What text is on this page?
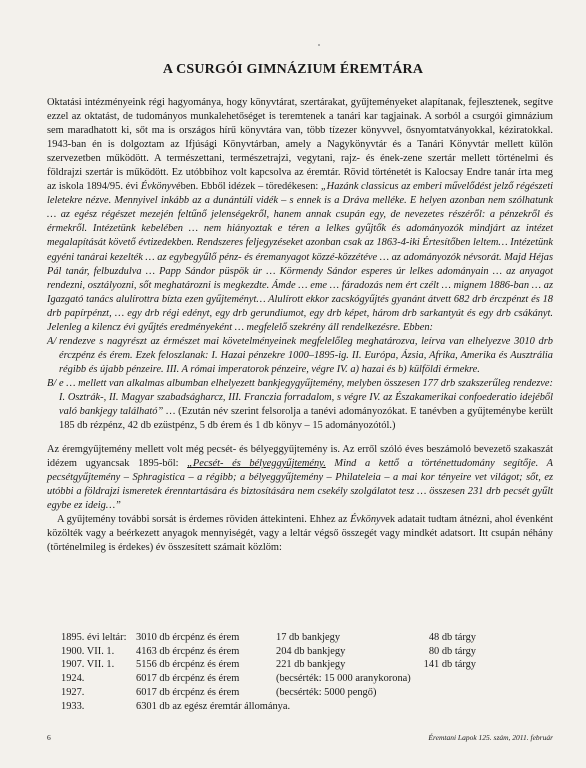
A CSURGÓI GIMNÁZIUM ÉREMTÁRA

Oktatási intézményeink régi hagyománya, hogy könyvtárat, szertárakat, gyűjteményeket alapítanak, fejlesztenek, segítve ezzel az oktatást, de tudományos munkalehetőséget is teremtenek a tanári kar tagjainak. A sorból a csurgói gimnázium sem maradhatott ki, sőt ma is országos hírű könyvtára van, több tízezer könyvvel, ősnyomtatványokkal, kéziratokkal. 1943-ban én is dolgoztam az Ifjúsági Könyvtárban, amely a Nagykönyvtár és a Tanári Könyvtár mellett külön szervezetben működött. A természettani, természetrajzi, vegytani, rajz- és ének-zene szertár mellett történelmi és földrajzi szertár is működött. Ez utóbbihoz volt kapcsolva az éremtár. Rövid történetét is Kalocsay Endre tanár írta meg az iskola 1894/95. évi Évkönyvében. Ebből idézek – töredékesen: „Hazánk classicus az emberi művelődést jelző régészeti leletekre nézve. Mennyivel inkább az a dunántúli vidék – s ennek is a Dráva melléke. E helyen azonban nem szólhatunk … az egész régészet mezején feltűnő jelenségekről, hanem annak csupán egy, de nevezetes részéről: a pénzekről és érmekről. Intézetünk kebelében … nem hiányoztak e téren a lelkes gyűjtők és adományozók mindjárt az intézet megalapítását követő évtizedekben. Rendszeres feljegyzéseket azonban csak az 1863-4-iki Értesítőben leltem… Intézetünk egyéni tanárai kezelték … az egybegyűlő pénz- és éremanyagot közzé-közzétéve … az adományozók névsorát. Majd Héjas Pál tanár, felbuzdulva … Papp Sándor püspök úr … Körmendy Sándor esperes úr lelkes adományain … az anyagot rendezni, osztályozni, sőt meghatározni is megkezdte. Ámde … eme … fáradozás nem ért czélt … mignem 1886-ban … az Igazgató tanács alulírottra bízta ezen gyűjteményt… Alulírott ekkor zacskógyűjtés gyanánt átvett 682 drb érczpénzt és 18 drb papírpénzt, … egy drb régi edényt, egy drb gerundiumot, egy drb képet, három drb sarkantyút és egy drb csákányt. Jelenleg a kilencz évi gyűjtés eredményeként … megfelelő szekrény áll rendelkezésre. Ebben:

A/ rendezve s nagyrészt az érmészet mai követelményeinek megfelelőleg meghatározva, leírva van elhelyezve 3010 drb érczpénz és érem. Ezek feloszlanak: I. Hazai pénzekre 1000–1895-ig. II. Európa, Ázsia, Afrika, Amerika és Ausztrália régibb és újabb pénzeire. III. A római imperatorok pénzeire, végre IV. a) hazai és b) külföldi érmekre.
B/ e … mellett van alkalmas albumban elhelyezett bankjegygyűjtemény, melyben összesen 177 drb szakszerűleg rendezve: I. Osztrák-, II. Magyar szabadságharcz, III. Franczia forradalom, s végre IV. az Északamerikai confoederatio idejéből való bankjegy található” … (Ezután név szerint felsorolja a tanévi adományozókat. E tanévben a gyűjteménybe került 185 db rézpénz, 42 db ezüstpénz, 5 db érem és 1 db könyv – 15 adományozótól.)

Az éremgyűjtemény mellett volt még pecsét- és bélyeggyűjtemény is. Az erről szóló éves beszámoló bevezető szakaszát idézem ugyancsak 1895-ből: „Pecsét- és bélyeggyűjtemény. Mind a kettő a történettudomány segítője. A pecsétgyűjtemény – Sphragistica – a régibb; a bélyeggyűjtemény – Philateleia – a mai kor tényeire vet világot; sőt, ez utóbbi a földrajzi ismeretek érenntartására és biztosítására nem csekély szolgálatot tesz … összesen 231 drb pecsét gyűlt egybe ez ideig…”

A gyűjtemény további sorsát is érdemes röviden áttekinteni. Ehhez az Évkönyvek adatait tudtam átnézni, ahol évenként közölték vagy a beérkezett anyagok mennyiségét, vagy a leltár végső összegét vagy mindkét adatsort. Itt csupán néhány (történelmileg is érdekes) év összesített számait közlöm:

1895. évi leltár:	3010 db ércpénz és érem	17 db bankjegy	48 db tárgy
1900. VII. 1.	4163 db ércpénz és érem	204 db bankjegy	80 db tárgy
1907. VII. 1.	5156 db ércpénz és érem	221 db bankjegy	141 db tárgy
1924.	6017 db ércpénz és érem	(becsérték: 15 000 aranykorona)	
1927.	6017 db ércpénz és érem	(becsérték: 5000 pengő)	
1933.	6301 db az egész éremtár állománya.		
6	Éremtani Lapok 125. szám, 2011. február
